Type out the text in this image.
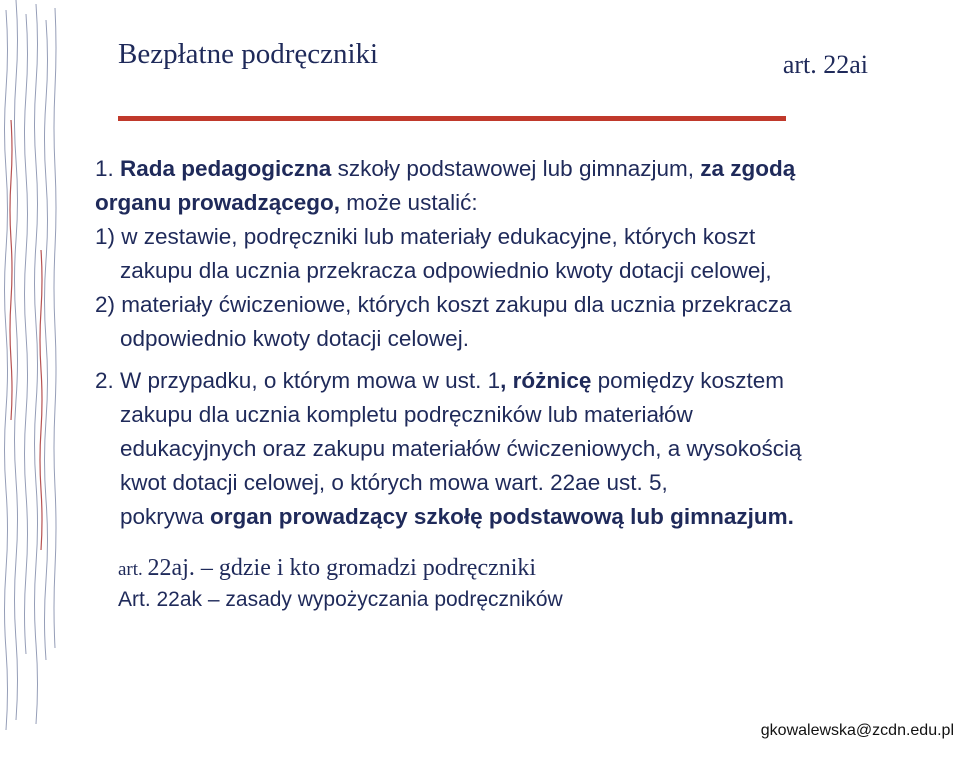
Bezpłatne podręczniki	art. 22ai

1. Rada pedagogiczna szkoły podstawowej lub gimnazjum, za zgodą

organu prowadzącego, może ustalić:

1) w zestawie, podręczniki lub materiały edukacyjne, których koszt

zakupu dla ucznia przekracza odpowiednio kwoty dotacji celowej,

2) materiały ćwiczeniowe, których koszt zakupu dla ucznia przekracza

odpowiednio kwoty dotacji celowej.

2. W przypadku, o którym mowa w ust. 1, różnicę pomiędzy kosztem

zakupu dla ucznia kompletu podręczników lub materiałów

edukacyjnych oraz zakupu materiałów ćwiczeniowych, a wysokością

kwot dotacji celowej, o których mowa wart. 22ae ust. 5,

pokrywa organ prowadzący szkołę podstawową lub gimnazjum.

art. 22aj. – gdzie i kto gromadzi podręczniki
Art. 22ak – zasady wypożyczania podręczników
gkowalewska@zcdn.edu.pl
